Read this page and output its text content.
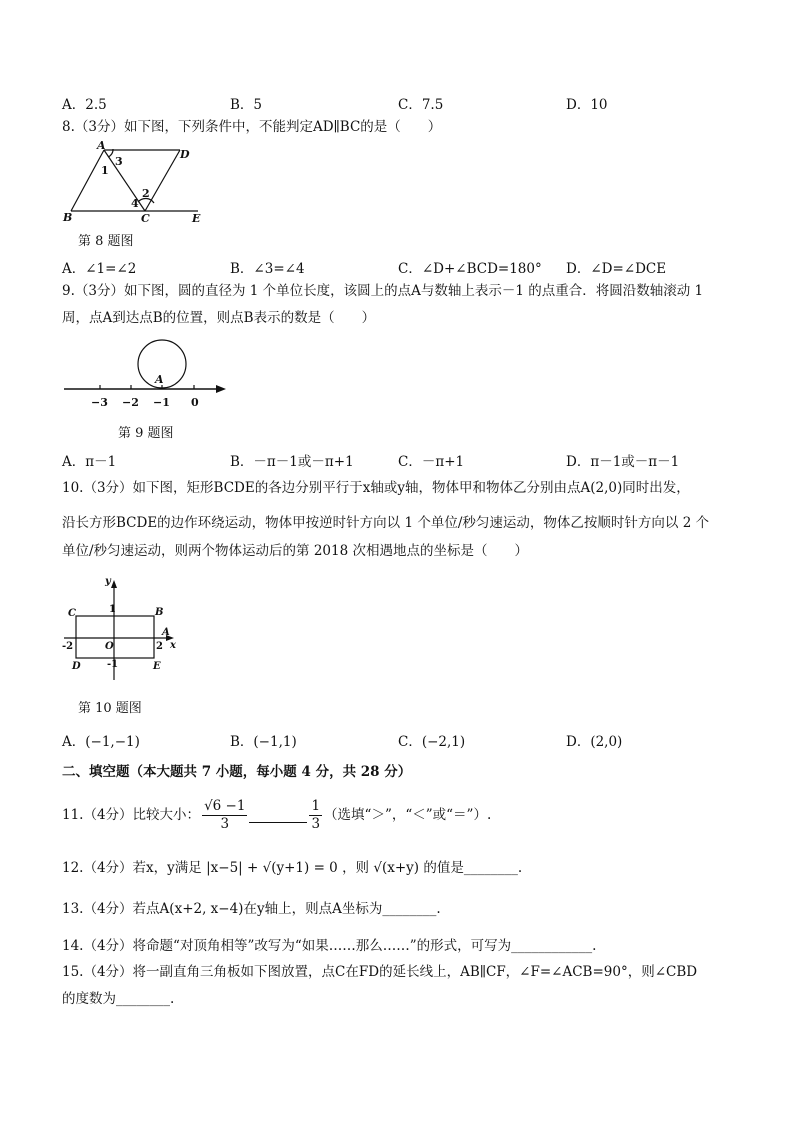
A．2.5	B．5	C．7.5	D．10
8.（3分）如下图，下列条件中，不能判定AD∥BC的是（　　）
A
D
B	C	E
1
3
2
4
第 8 题图
A．∠1=∠2	B．∠3=∠4	C．∠D+∠BCD=180° D．∠D=∠DCE
9.（3分）如下图，圆的直径为 1 个单位长度，该圆上的点A与数轴上表示－1 的点重合．将圆沿数轴滚动 1
周，点A到达点B的位置，则点B表示的数是（　　）
A
−3 −2 −1 0
第 9 题图
A．π－1	B．－π－1或－π+1	C．－π+1	D．π－1或－π－1
10.（3分）如下图，矩形BCDE的各边分别平行于x轴或y轴，物体甲和物体乙分别由点A(2,0)同时出发，
沿长方形BCDE的边作环绕运动，物体甲按逆时针方向以 1 个单位/秒匀速运动，物体乙按顺时针方向以 2 个
单位/秒匀速运动，则两个物体运动后的第 2018 次相遇地点的坐标是（　　）
y
x
C	B
D	E
A
O
1
-1
2
-2
第 10 题图
A．(−1,−1)	B．(−1,1)	C．(−2,1)	D．(2,0)
二、填空题（本大题共 7 小题，每小题 4 分，共 28 分）
11.（4分）比较大小： $\frac{√6 -1}{3}$	$\frac{1}{3}$ （选填“＞”，“＜”或“＝”）.
12.（4分）若x，y满足 |x−5| + √(y+1) = 0 ，则 √(x+y) 的值是________.
13.（4分）若点A(x+2, x−4)在y轴上，则点A坐标为________.
14.（4分）将命题“对顶角相等”改写为“如果……那么……”的形式，可写为____________.
15.（4分）将一副直角三角板如下图放置，点C在FD的延长线上，AB∥CF，∠F=∠ACB=90°，则∠CBD
的度数为________.
